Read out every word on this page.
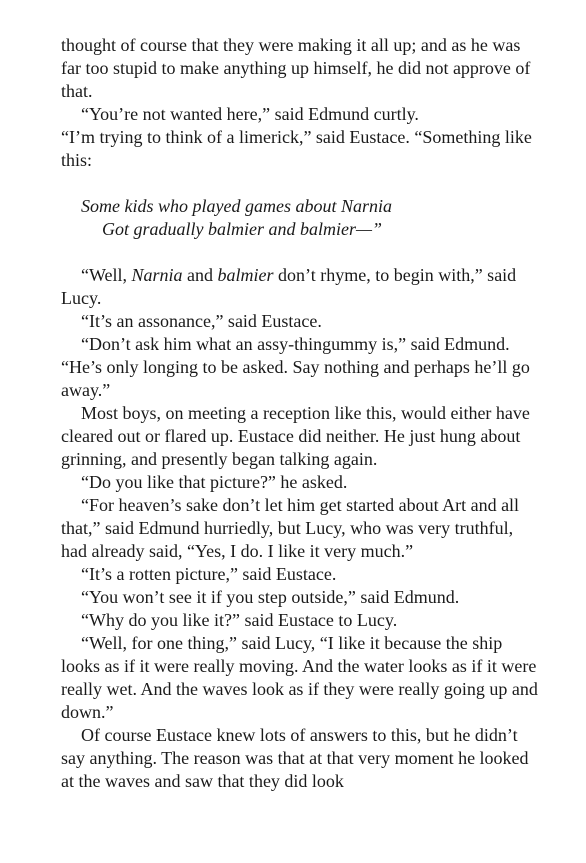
thought of course that they were making it all up; and as he was far too stupid to make anything up himself, he did not approve of that.

“You’re not wanted here,” said Edmund curtly.

“I’m trying to think of a limerick,” said Eustace. “Something like this:

Some kids who played games about Narnia
Got gradually balmier and balmier—”

“Well, Narnia and balmier don’t rhyme, to begin with,” said Lucy.

“It’s an assonance,” said Eustace.

“Don’t ask him what an assy-thingummy is,” said Edmund. “He’s only longing to be asked. Say nothing and perhaps he’ll go away.”

Most boys, on meeting a reception like this, would either have cleared out or flared up. Eustace did neither. He just hung about grinning, and presently began talking again.

“Do you like that picture?” he asked.

“For heaven’s sake don’t let him get started about Art and all that,” said Edmund hurriedly, but Lucy, who was very truthful, had already said, “Yes, I do. I like it very much.”

“It’s a rotten picture,” said Eustace.

“You won’t see it if you step outside,” said Edmund.

“Why do you like it?” said Eustace to Lucy.

“Well, for one thing,” said Lucy, “I like it because the ship looks as if it were really moving. And the water looks as if it were really wet. And the waves look as if they were really going up and down.”

Of course Eustace knew lots of answers to this, but he didn’t say anything. The reason was that at that very moment he looked at the waves and saw that they did look
